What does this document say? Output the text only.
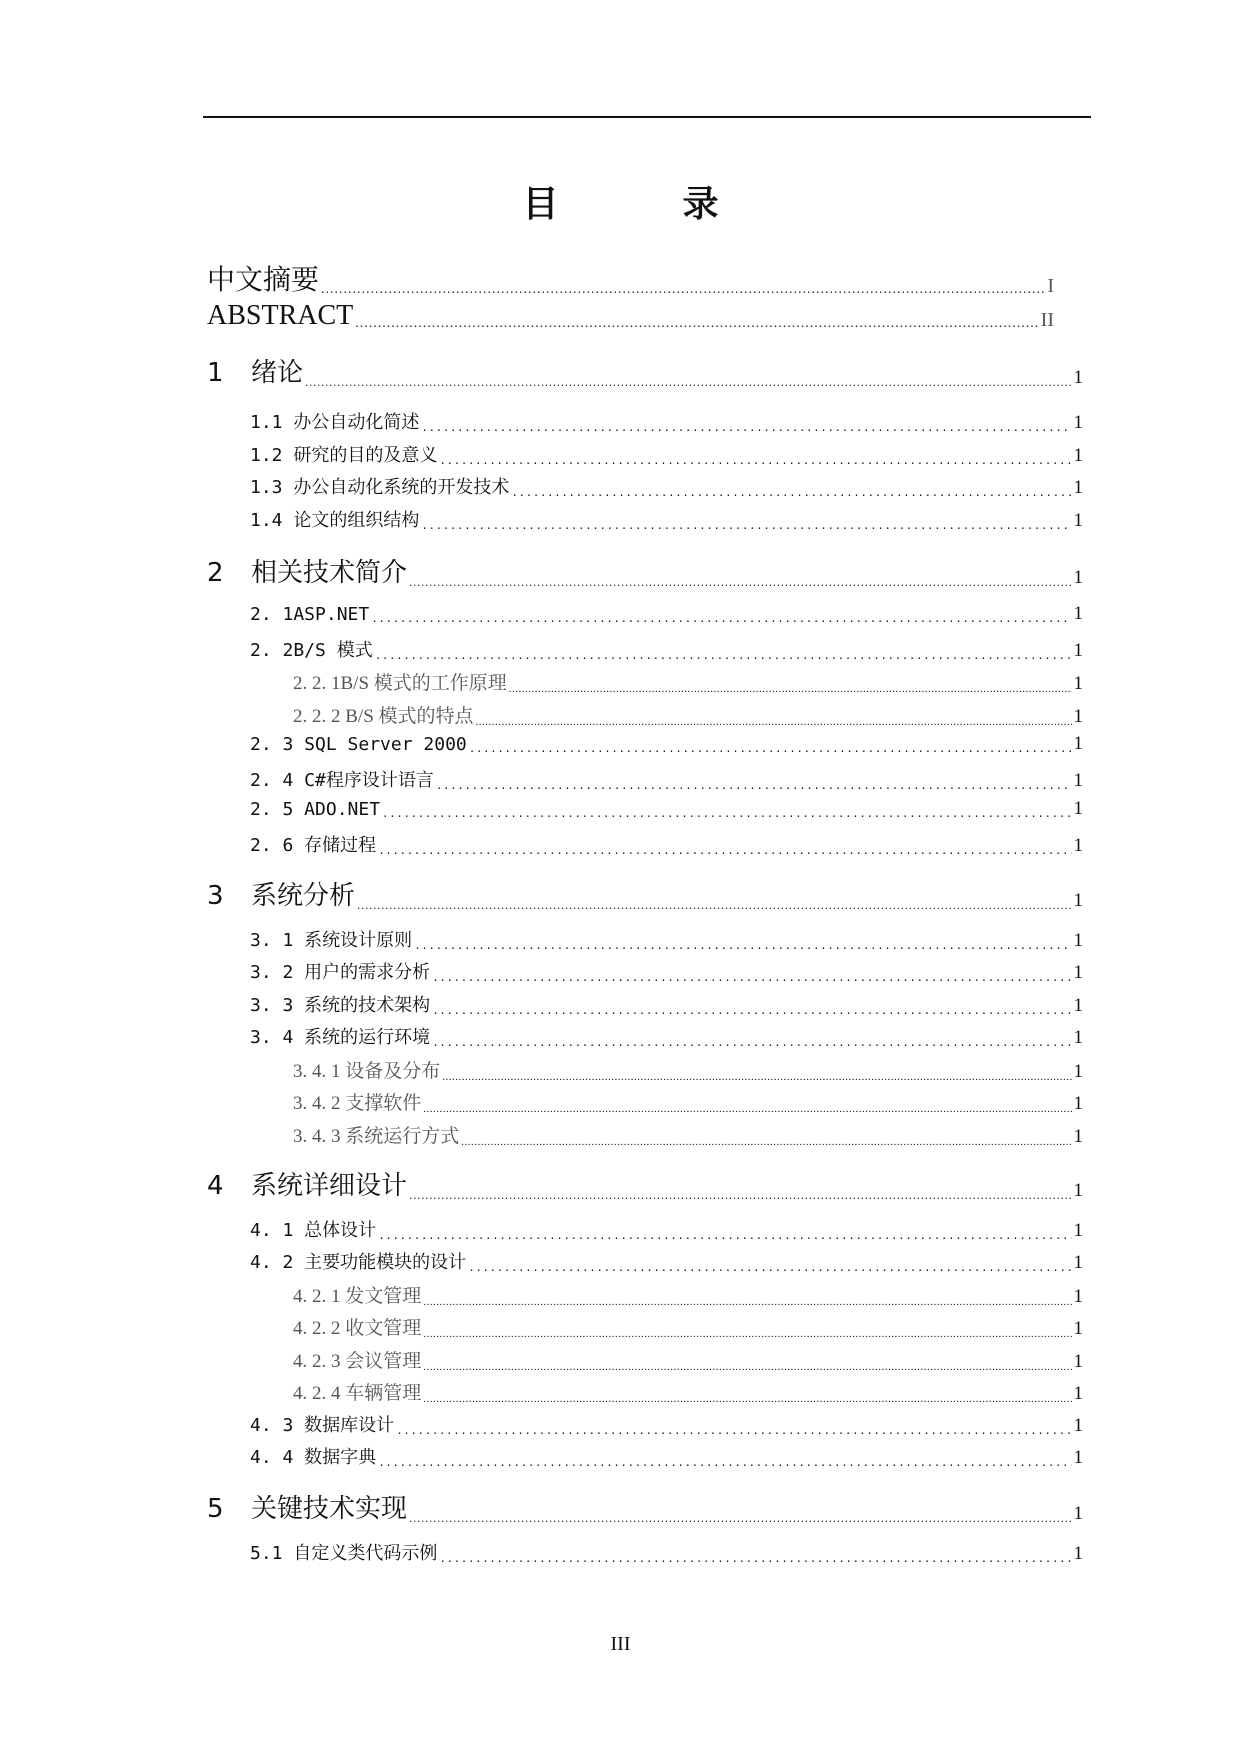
目　录
中文摘要 .....	I
ABSTRACT .....	II
1 绪论 .....	1
1.1 办公自动化简述 .....	1
1.2 研究的目的及意义 .....	1
1.3 办公自动化系统的开发技术 .....	1
1.4 论文的组织结构 .....	1
2 相关技术简介 .....	1
2. 1ASP.NET .....	1
2. 2B/S 模式 .....	1
2. 2. 1B/S 模式的工作原理 .....	1
2. 2. 2 B/S 模式的特点 .....	1
2. 3 SQL Server 2000 .....	1
2. 4 C#程序设计语言 .....	1
2. 5 ADO.NET .....	1
2. 6 存储过程 .....	1
3 系统分析 .....	1
3. 1 系统设计原则 .....	1
3. 2 用户的需求分析 .....	1
3. 3 系统的技术架构 .....	1
3. 4 系统的运行环境 .....	1
3. 4. 1 设备及分布 .....	1
3. 4. 2 支撑软件 .....	1
3. 4. 3 系统运行方式 .....	1
4 系统详细设计 .....	1
4. 1 总体设计 .....	1
4. 2 主要功能模块的设计 .....	1
4. 2. 1 发文管理 .....	1
4. 2. 2 收文管理 .....	1
4. 2. 3 会议管理 .....	1
4. 2. 4 车辆管理 .....	1
4. 3 数据库设计 .....	1
4. 4 数据字典 .....	1
5 关键技术实现 .....	1
5.1 自定义类代码示例 .....	1
III
